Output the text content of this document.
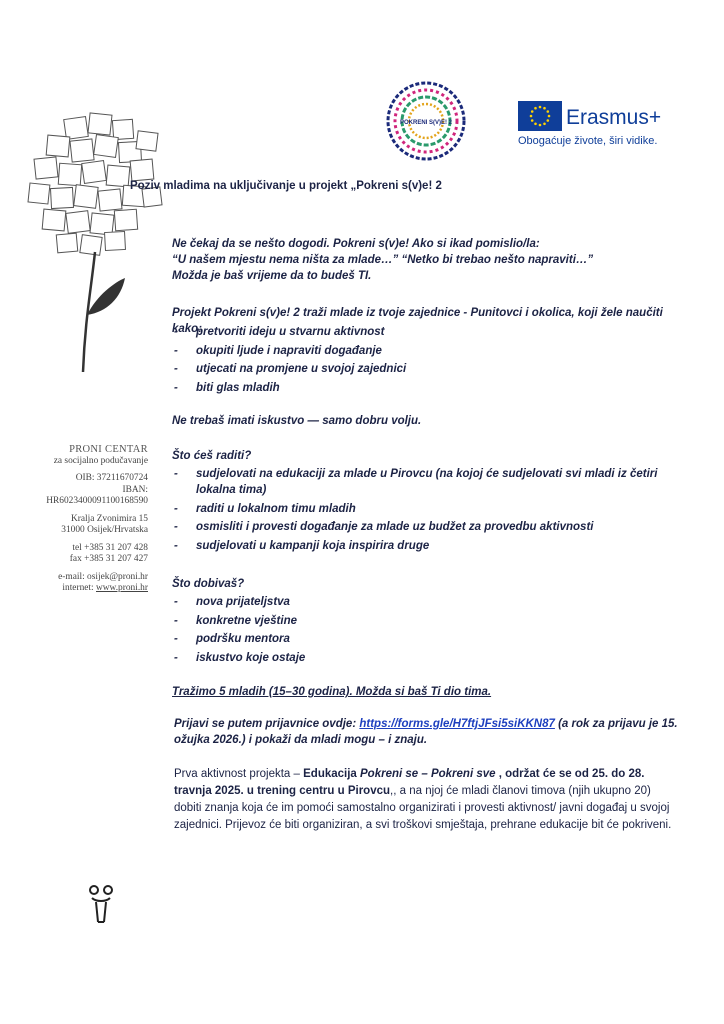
POKRENI S(V)E! 2	Erasmus+
Obogaćuje živote, širi vidike.
PRONI CENTAR
za socijalno podučavanje
OIB: 37211670724
IBAN:
HR6023400091100168590
Kralja Zvonimira 15
31000 Osijek/Hrvatska
tel +385 31 207 428
fax +385 31 207 427
e-mail: osijek@proni.hr
internet: www.proni.hr
Poziv mladima na uključivanje u projekt „Pokreni s(v)e! 2
Ne čekaj da se nešto dogodi. Pokreni s(v)e! Ako si ikad pomislio/la:
“U našem mjestu nema ništa za mlade…” “Netko bi trebao nešto napraviti…”
Možda je baš vrijeme da to budeš TI.
Projekt Pokreni s(v)e! 2 traži mlade iz tvoje zajednice - Punitovci i okolica, koji žele naučiti kako:
- pretvoriti ideju u stvarnu aktivnost
- okupiti ljude i napraviti događanje
- utjecati na promjene u svojoj zajednici
- biti glas mladih
Ne trebaš imati iskustvo — samo dobru volju.
Što ćeš raditi?
- sudjelovati na edukaciji za mlade u Pirovcu (na kojoj će sudjelovati svi mladi iz četiri lokalna tima)
- raditi u lokalnom timu mladih
- osmisliti i provesti događanje za mlade uz budžet za provedbu aktivnosti
- sudjelovati u kampanji koja inspirira druge
Što dobivaš?
- nova prijateljstva
- konkretne vještine
- podršku mentora
- iskustvo koje ostaje
Tražimo 5 mladih (15–30 godina). Možda si baš Ti dio tima.
Prijavi se putem prijavnice ovdje: https://forms.gle/H7ftjJFsi5siKKN87 (a rok za prijavu je 15. ožujka 2026.) i pokaži da mladi mogu – i znaju.
Prva aktivnost projekta – Edukacija Pokreni se – Pokreni sve , održat će se od 25. do 28. travnja 2025. u trening centru u Pirovcu,, a na njoj će mladi članovi timova (njih ukupno 20) dobiti znanja koja će im pomoći samostalno organizirati i provesti aktivnost/ javni događaj u svojoj zajednici. Prijevoz će biti organiziran, a svi troškovi smještaja, prehrane edukacije bit će pokriveni.
